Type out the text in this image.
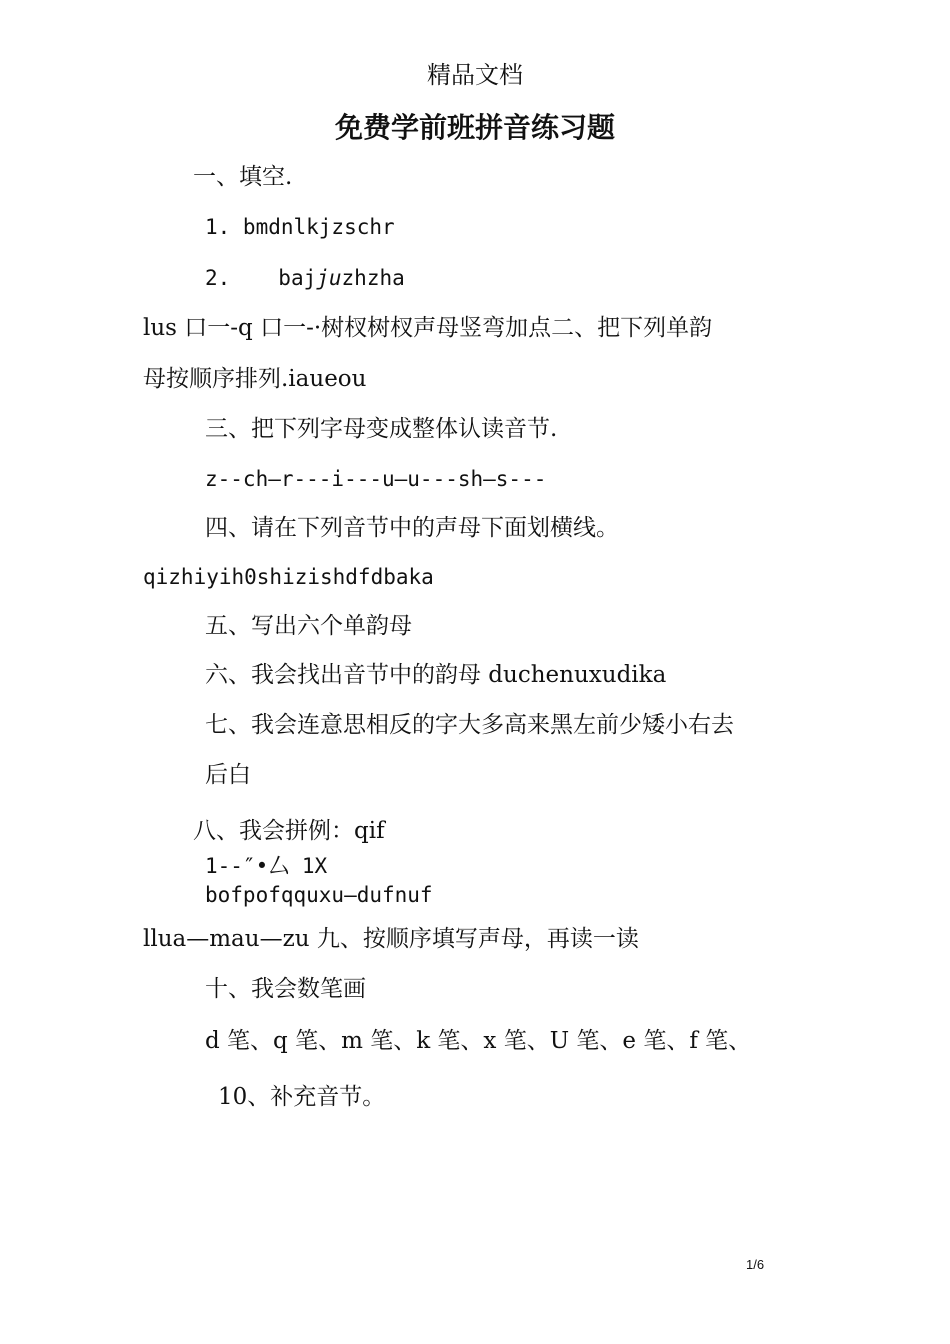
精品文档
免费学前班拼音练习题
一、填空.
1. bmdnlkjzschr
2. bajjuzhzha
lus 口一-q 口一-·树杈树杈声母竖弯加点二、把下列单韵
母按顺序排列.iaueou
三、把下列字母变成整体认读音节.
z--ch—r---i---u—u---sh—s---
四、请在下列音节中的声母下面划横线。
qizhiyih0shizishdfdbaka
五、写出六个单韵母
六、我会找出音节中的韵母 duchenuxudika
七、我会连意思相反的字大多高来黑左前少矮小右去
后白
八、我会拼例：qif
1--″•厶 1X
bofpofqquxu—dufnuf
llua—mau—zu 九、按顺序填写声母，再读一读
十、我会数笔画
d 笔、q 笔、m 笔、k 笔、x 笔、U 笔、e 笔、f 笔、
10、补充音节。
1/6
